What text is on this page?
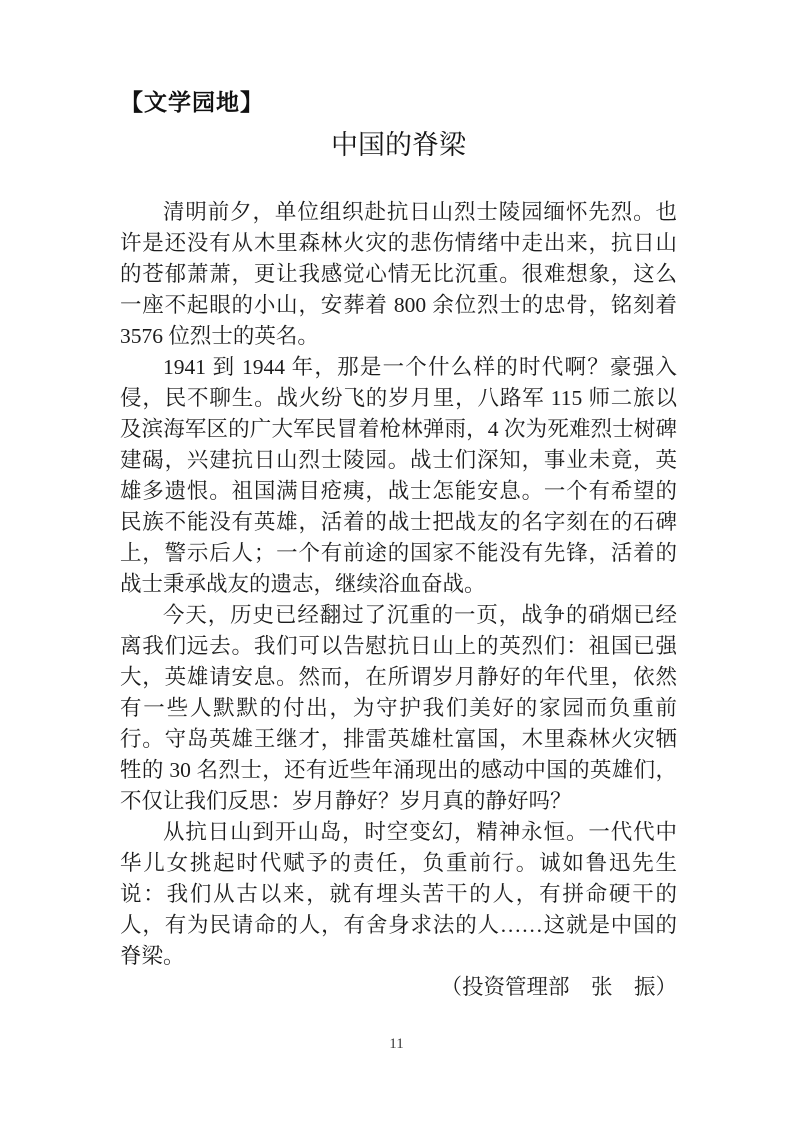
【文学园地】
中国的脊梁

清明前夕，单位组织赴抗日山烈士陵园缅怀先烈。也许是还没有从木里森林火灾的悲伤情绪中走出来，抗日山的苍郁萧萧，更让我感觉心情无比沉重。很难想象，这么一座不起眼的小山，安葬着 800 余位烈士的忠骨，铭刻着 3576 位烈士的英名。

1941 到 1944 年，那是一个什么样的时代啊？豪强入侵，民不聊生。战火纷飞的岁月里，八路军 115 师二旅以及滨海军区的广大军民冒着枪林弹雨，4 次为死难烈士树碑建碣，兴建抗日山烈士陵园。战士们深知，事业未竟，英雄多遗恨。祖国满目疮痍，战士怎能安息。一个有希望的民族不能没有英雄，活着的战士把战友的名字刻在的石碑上，警示后人；一个有前途的国家不能没有先锋，活着的战士秉承战友的遗志，继续浴血奋战。

今天，历史已经翻过了沉重的一页，战争的硝烟已经离我们远去。我们可以告慰抗日山上的英烈们：祖国已强大，英雄请安息。然而，在所谓岁月静好的年代里，依然有一些人默默的付出，为守护我们美好的家园而负重前行。守岛英雄王继才，排雷英雄杜富国，木里森林火灾牺牲的 30 名烈士，还有近些年涌现出的感动中国的英雄们，不仅让我们反思：岁月静好？岁月真的静好吗？

从抗日山到开山岛，时空变幻，精神永恒。一代代中华儿女挑起时代赋予的责任，负重前行。诚如鲁迅先生说：我们从古以来，就有埋头苦干的人，有拼命硬干的人，有为民请命的人，有舍身求法的人……这就是中国的脊梁。

（投资管理部　张　振）

11
